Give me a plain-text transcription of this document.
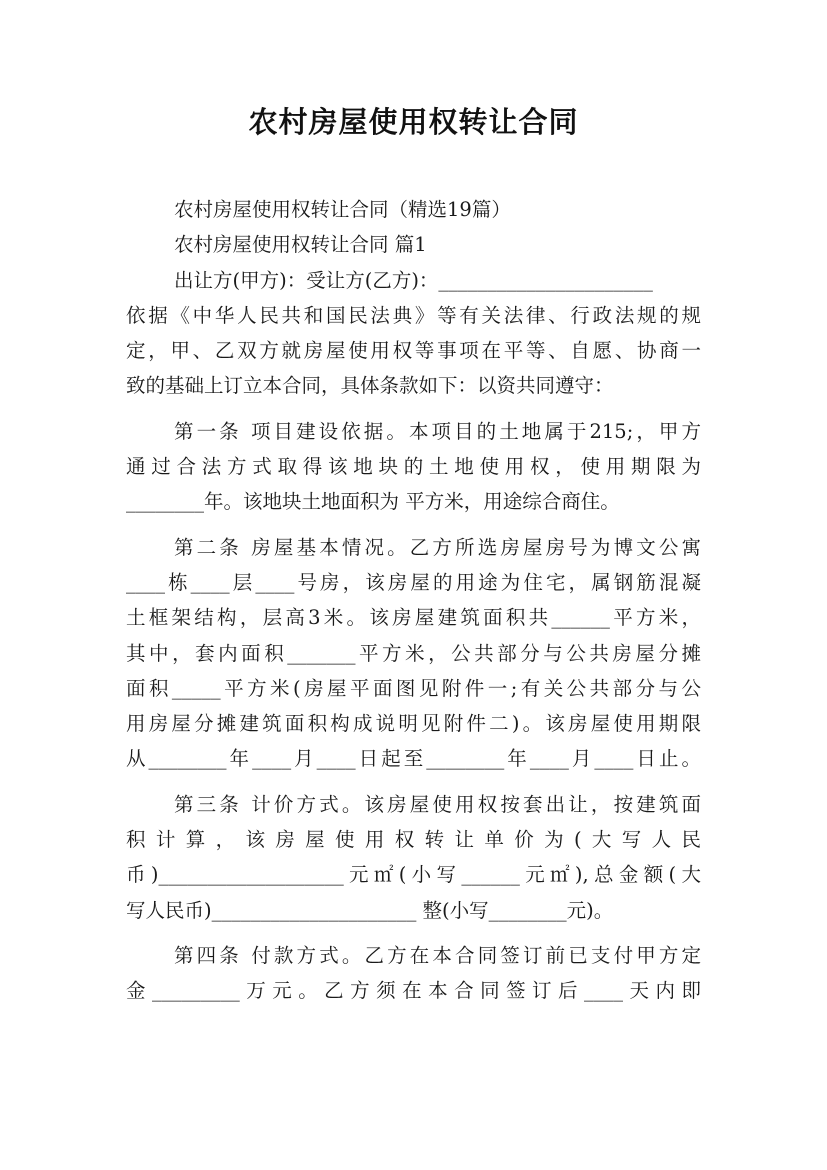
农村房屋使用权转让合同
农村房屋使用权转让合同（精选19篇）
农村房屋使用权转让合同 篇1
出让方(甲方)：受让方(乙方)：______________________
依据《中华人民共和国民法典》等有关法律、行政法规的规
定，甲、乙双方就房屋使用权等事项在平等、自愿、协商一
致的基础上订立本合同，具体条款如下：以资共同遵守：
第一条 项目建设依据。本项目的土地属于215;，甲方
通过合法方式取得该地块的土地使用权，使用期限为
________年。该地块土地面积为 平方米，用途综合商住。
第二条 房屋基本情况。乙方所选房屋房号为博文公寓
____栋____层____号房，该房屋的用途为住宅，属钢筋混凝
土框架结构，层高3米。该房屋建筑面积共______平方米，
其中，套内面积_______平方米，公共部分与公共房屋分摊
面积_____平方米(房屋平面图见附件一;有关公共部分与公
用房屋分摊建筑面积构成说明见附件二)。该房屋使用期限
从________年____月____日起至________年____月____日止。
第三条 计价方式。该房屋使用权按套出让，按建筑面
积计算，该房屋使用权转让单价为(大写人民
币)___________________元㎡(小写______元㎡),总金额(大
写人民币)_____________________ 整(小写________元)。
第四条 付款方式。乙方在本合同签订前已支付甲方定
金_________万元。乙方须在本合同签订后____天内即
